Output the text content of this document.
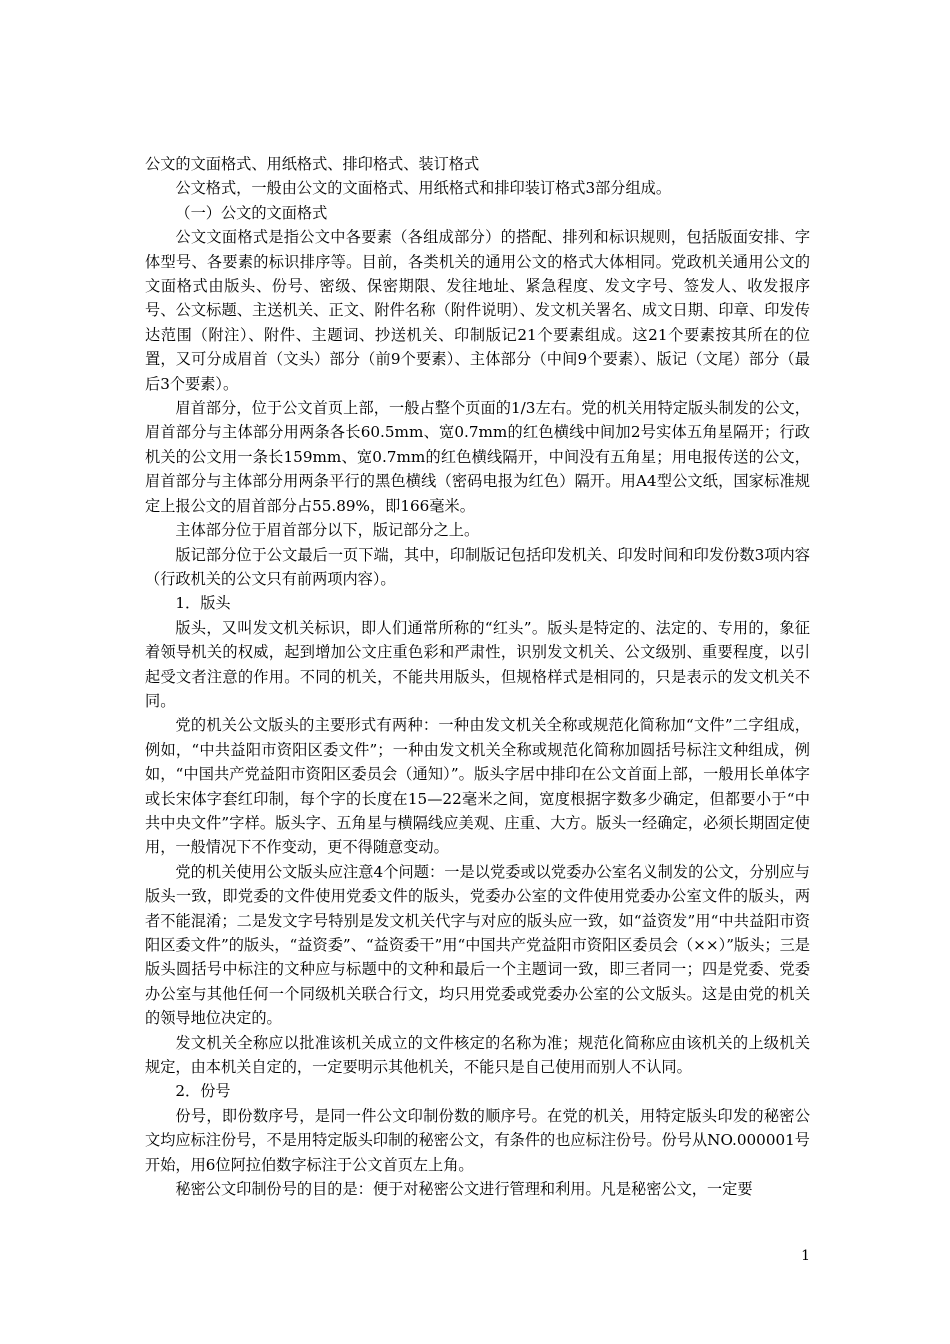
公文的文面格式、用纸格式、排印格式、装订格式

公文格式，一般由公文的文面格式、用纸格式和排印装订格式3部分组成。

（一）公文的文面格式

公文文面格式是指公文中各要素（各组成部分）的搭配、排列和标识规则，包括版面安排、字体型号、各要素的标识排序等。目前，各类机关的通用公文的格式大体相同。党政机关通用公文的文面格式由版头、份号、密级、保密期限、发往地址、紧急程度、发文字号、签发人、收发报序号、公文标题、主送机关、正文、附件名称（附件说明）、发文机关署名、成文日期、印章、印发传达范围（附注）、附件、主题词、抄送机关、印制版记21个要素组成。这21个要素按其所在的位置，又可分成眉首（文头）部分（前9个要素）、主体部分（中间9个要素）、版记（文尾）部分（最后3个要素）。

眉首部分，位于公文首页上部，一般占整个页面的1/3左右。党的机关用特定版头制发的公文，眉首部分与主体部分用两条各长60.5mm、宽0.7mm的红色横线中间加2号实体五角星隔开；行政机关的公文用一条长159mm、宽0.7mm的红色横线隔开，中间没有五角星；用电报传送的公文，眉首部分与主体部分用两条平行的黑色横线（密码电报为红色）隔开。用A4型公文纸，国家标准规定上报公文的眉首部分占55.89%，即166毫米。

主体部分位于眉首部分以下，版记部分之上。

版记部分位于公文最后一页下端，其中，印制版记包括印发机关、印发时间和印发份数3项内容（行政机关的公文只有前两项内容）。

1．版头

版头，又叫发文机关标识，即人们通常所称的“红头”。版头是特定的、法定的、专用的，象征着领导机关的权威，起到增加公文庄重色彩和严肃性，识别发文机关、公文级别、重要程度，以引起受文者注意的作用。不同的机关，不能共用版头，但规格样式是相同的，只是表示的发文机关不同。

党的机关公文版头的主要形式有两种：一种由发文机关全称或规范化简称加“文件”二字组成，例如，“中共益阳市资阳区委文件”；一种由发文机关全称或规范化简称加圆括号标注文种组成，例如，“中国共产党益阳市资阳区委员会（通知）”。版头字居中排印在公文首面上部，一般用长单体字或长宋体字套红印制，每个字的长度在15—22毫米之间，宽度根据字数多少确定，但都要小于“中共中央文件”字样。版头字、五角星与横隔线应美观、庄重、大方。版头一经确定，必须长期固定使用，一般情况下不作变动，更不得随意变动。

党的机关使用公文版头应注意4个问题：一是以党委或以党委办公室名义制发的公文，分别应与版头一致，即党委的文件使用党委文件的版头，党委办公室的文件使用党委办公室文件的版头，两者不能混淆；二是发文字号特别是发文机关代字与对应的版头应一致，如“益资发”用“中共益阳市资阳区委文件”的版头，“益资委”、“益资委干”用“中国共产党益阳市资阳区委员会（××）”版头；三是版头圆括号中标注的文种应与标题中的文种和最后一个主题词一致，即三者同一；四是党委、党委办公室与其他任何一个同级机关联合行文，均只用党委或党委办公室的公文版头。这是由党的机关的领导地位决定的。

发文机关全称应以批准该机关成立的文件核定的名称为准；规范化简称应由该机关的上级机关规定，由本机关自定的，一定要明示其他机关，不能只是自己使用而别人不认同。

2．份号

份号，即份数序号，是同一件公文印制份数的顺序号。在党的机关，用特定版头印发的秘密公文均应标注份号，不是用特定版头印制的秘密公文，有条件的也应标注份号。份号从NO.000001号开始，用6位阿拉伯数字标注于公文首页左上角。

秘密公文印制份号的目的是：便于对秘密公文进行管理和利用。凡是秘密公文，一定要

1
